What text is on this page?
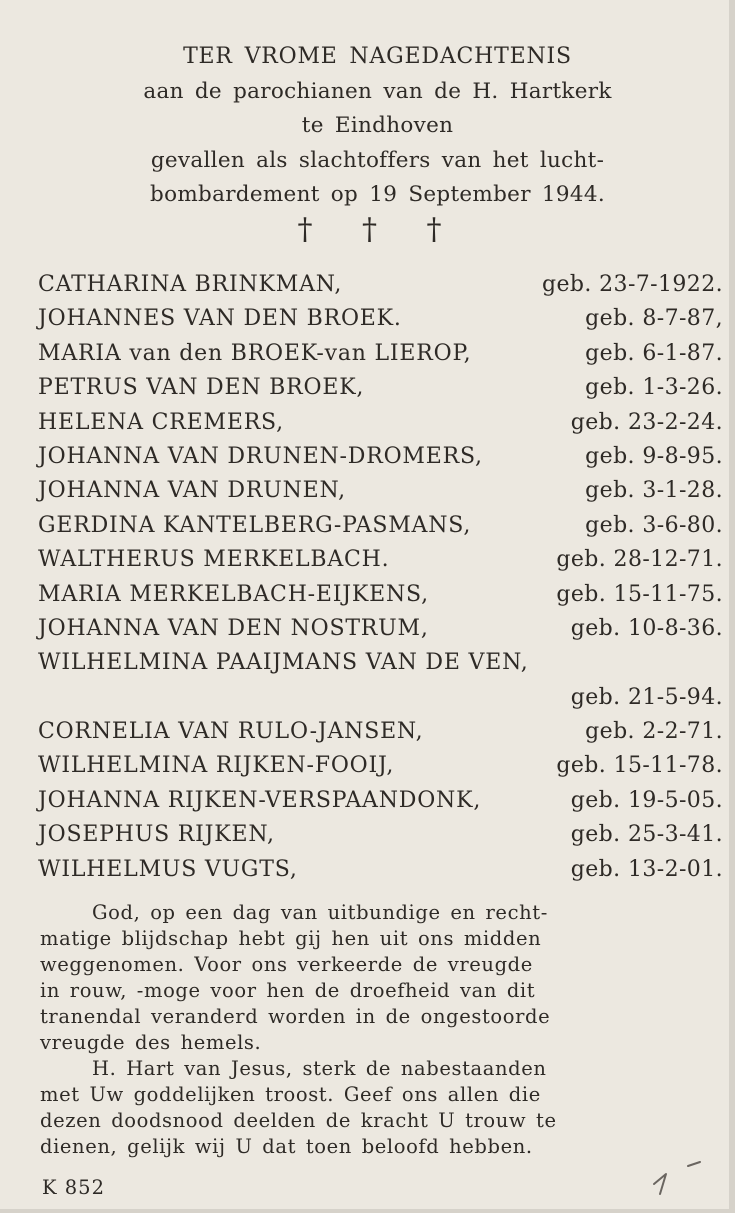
TER VROME NAGEDACHTENIS
aan de parochianen van de H. Hartkerk
te Eindhoven
gevallen als slachtoffers van het lucht-
bombardement op 19 September 1944.
† † †
CATHARINA BRINKMAN,	geb. 23-7-1922.
JOHANNES VAN DEN BROEK.	geb. 8-7-87,
MARIA van den BROEK-van LIEROP,	geb. 6-1-87.
PETRUS VAN DEN BROEK,	geb. 1-3-26.
HELENA CREMERS,	geb. 23-2-24.
JOHANNA VAN DRUNEN-DROMERS,	geb. 9-8-95.
JOHANNA VAN DRUNEN,	geb. 3-1-28.
GERDINA KANTELBERG-PASMANS,	geb. 3-6-80.
WALTHERUS MERKELBACH.	geb. 28-12-71.
MARIA MERKELBACH-EIJKENS,	geb. 15-11-75.
JOHANNA VAN DEN NOSTRUM,	geb. 10-8-36.
WILHELMINA PAAIJMANS VAN DE VEN,
geb. 21-5-94.
CORNELIA VAN RULO-JANSEN,	geb. 2-2-71.
WILHELMINA RIJKEN-FOOIJ,	geb. 15-11-78.
JOHANNA RIJKEN-VERSPAANDONK,	geb. 19-5-05.
JOSEPHUS RIJKEN,	geb. 25-3-41.
WILHELMUS VUGTS,	geb. 13-2-01.
God, op een dag van uitbundige en recht-
matige blijdschap hebt gij hen uit ons midden
weggenomen. Voor ons verkeerde de vreugde
in rouw, -moge voor hen de droefheid van dit
tranendal veranderd worden in de ongestoorde
vreugde des hemels.
H. Hart van Jesus, sterk de nabestaanden
met Uw goddelijken troost. Geef ons allen die
dezen doodsnood deelden de kracht U trouw te
dienen, gelijk wij U dat toen beloofd hebben.
K 852
